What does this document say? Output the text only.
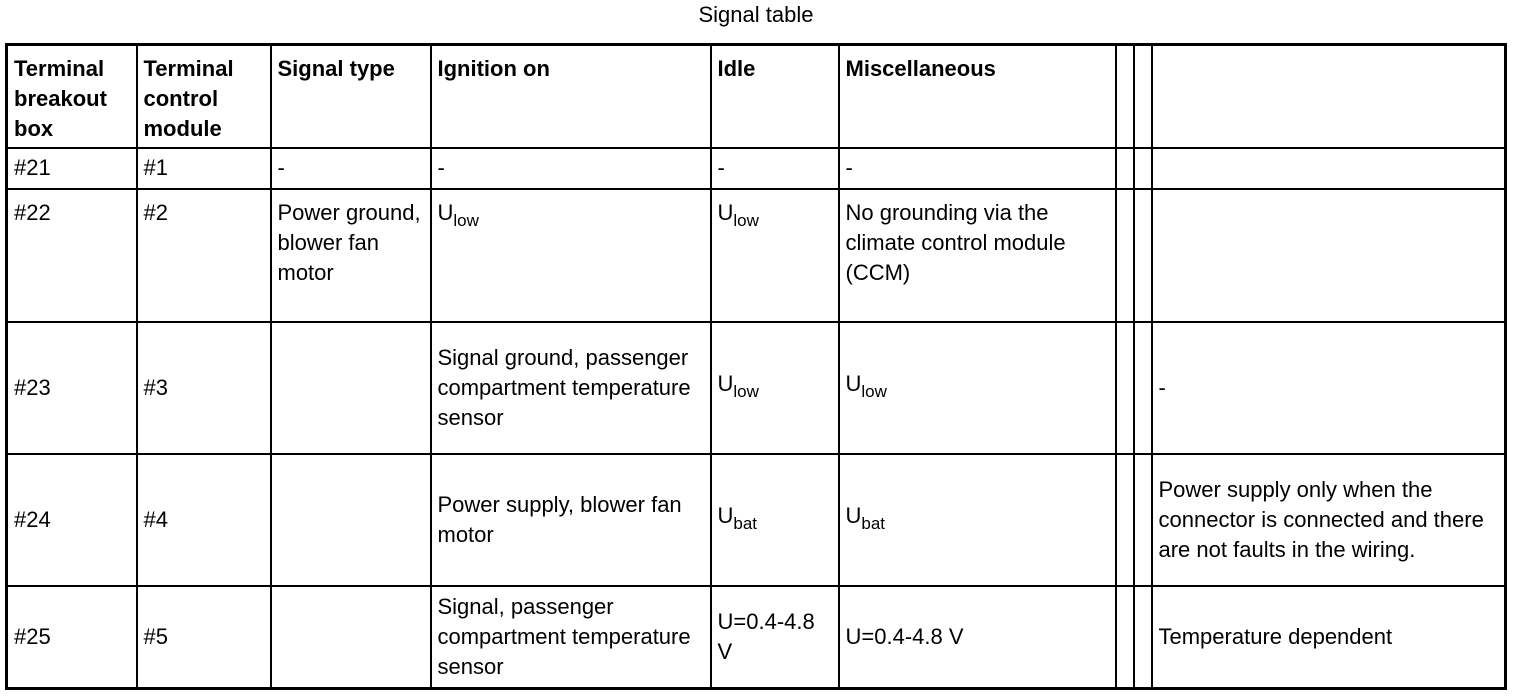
Signal table
Terminal breakout box	Terminal control module	Signal type	Ignition on	Idle	Miscellaneous			
#21	#1	-	-	-	-			
#22	#2	Power ground, blower fan motor	$U_{low}$	$U_{low}$	No grounding via the climate control module (CCM)			
#23	#3		Signal ground, passenger compartment temperature sensor	$U_{low}$	$U_{low}$			-
#24	#4		Power supply, blower fan motor	$U_{bat}$	$U_{bat}$			Power supply only when the connector is connected and there are not faults in the wiring.
#25	#5		Signal, passenger compartment temperature sensor	U=0.4-4.8 V	U=0.4-4.8 V			Temperature dependent
